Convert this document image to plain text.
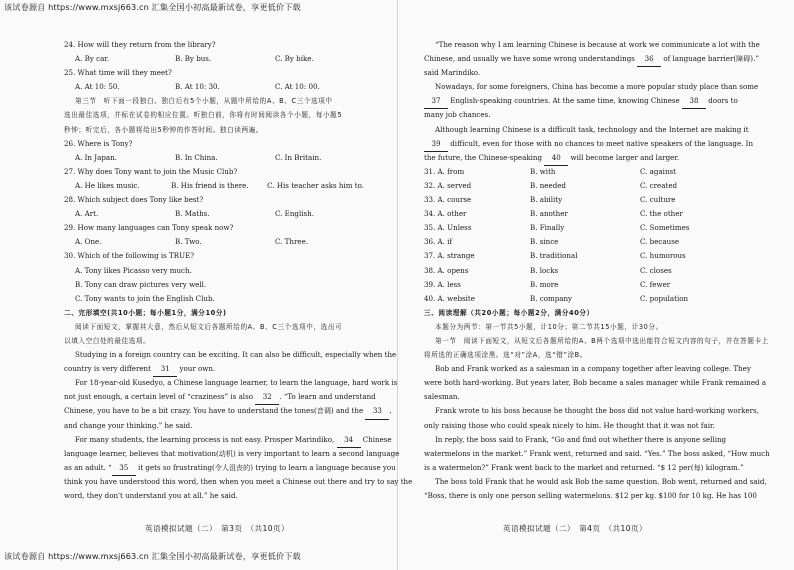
该试卷源自 https://www.mxsj663.cn 汇集全国小初高最新试卷，享更低价下载
24. How will they return from the library?
A. By car.	B. By bus.	C. By bike.
25. What time will they meet?
A. At 10: 50.	B. At 10: 30.	C. At 10: 00.
第三节　听下面一段独白。独白后有5个小题，从题中所给的A、B、C三个选项中
选出最佳选项，并标在试卷的相应位置。听独白前，你将有时间阅读各个小题，每小题5
秒钟；听完后，各小题将给出5秒钟的作答时间。独白读两遍。
26. Where is Tony?
A. In Japan.	B. In China.	C. In Britain.
27. Why does Tony want to join the Music Club?
A. He likes music.	B. His friend is there.	C. His teacher asks him to.
28. Which subject does Tony like best?
A. Art.	B. Maths.	C. English.
29. How many languages can Tony speak now?
A. One.	B. Two.	C. Three.
30. Which of the following is TRUE?
A. Tony likes Picasso very much.
B. Tony can draw pictures very well.
C. Tony wants to join the English Club.
二、完形填空(共10小题；每小题1分，满分10分)
阅读下面短文，掌握其大意，然后从短文后各题所给的A、B、C三个选项中，选出可
以填入空白处的最佳选项。
Studying in a foreign country can be exciting. It can also be difficult, especially when the
country is very different 31 your own.
For 18-year-old Kusedyo, a Chinese language learner, to learn the language, hard work is
not just enough, a certain level of “craziness” is also 32 . “To learn and understand
Chinese, you have to be a bit crazy. You have to understand the tones(音调) and the 33 ,
and change your thinking.” he said.
For many students, the learning process is not easy. Prosper Marindiko, 34 Chinese
language learner, believes that motivation(动机) is very important to learn a second language
as an adult. “ 35 it gets so frustrating(令人沮丧的) trying to learn a language because you
think you have understood this word, then when you meet a Chinese out there and try to say the
word, they don't understand you at all.” he said.
英语模拟试题（二）　第3页　（共10页）
“The reason why I am learning Chinese is because at work we communicate a lot with the
Chinese, and usually we have some wrong understandings 36 of language barrier(障碍).”
said Marindiko.
Nowadays, for some foreigners, China has become a more popular study place than some
37 English-speaking countries. At the same time, knowing Chinese 38 doors to
many job chances.
Although learning Chinese is a difficult task, technology and the Internet are making it
39 difficult, even for those with no chances to meet native speakers of the language. In
the future, the Chinese-speaking 40 will become larger and larger.
31. A. from	B. with	C. against
32. A. served	B. needed	C. created
33. A. course	B. ability	C. culture
34. A. other	B. another	C. the other
35. A. Unless	B. Finally	C. Sometimes
36. A. if	B. since	C. because
37. A. strange	B. traditional	C. humorous
38. A. opens	B. locks	C. closes
39. A. less	B. more	C. fewer
40. A. website	B. company	C. population
三、阅读理解（共20小题；每小题2分，满分40分）
本题分为两节：第一节共5小题，计10分；第二节共15小题，计30分。
第一节　阅读下面短文，从短文后各题所给的A、B两个选项中选出能符合短文内容的句子，并在答题卡上
将所选的正确选项涂黑。选“对”涂A，选“错”涂B。
Bob and Frank worked as a salesman in a company together after leaving college. They
were both hard-working. But years later, Bob became a sales manager while Frank remained a
salesman.
Frank wrote to his boss because he thought the boss did not value hard-working workers,
only raising those who could speak nicely to him. He thought that it was not fair.
In reply, the boss said to Frank, “Go and find out whether there is anyone selling
watermelons in the market.” Frank went, returned and said. “Yes.” The boss asked, “How much
is a watermelon?” Frank went back to the market and returned. “$ 12 per(每) kilogram.”
The boss told Frank that he would ask Bob the same question. Bob went, returned and said,
“Boss, there is only one person selling watermelons. $12 per kg. $100 for 10 kg. He has 100
英语模拟试题（二）　第4页　（共10页）
该试卷源自 https://www.mxsj663.cn 汇集全国小初高最新试卷，享更低价下载
